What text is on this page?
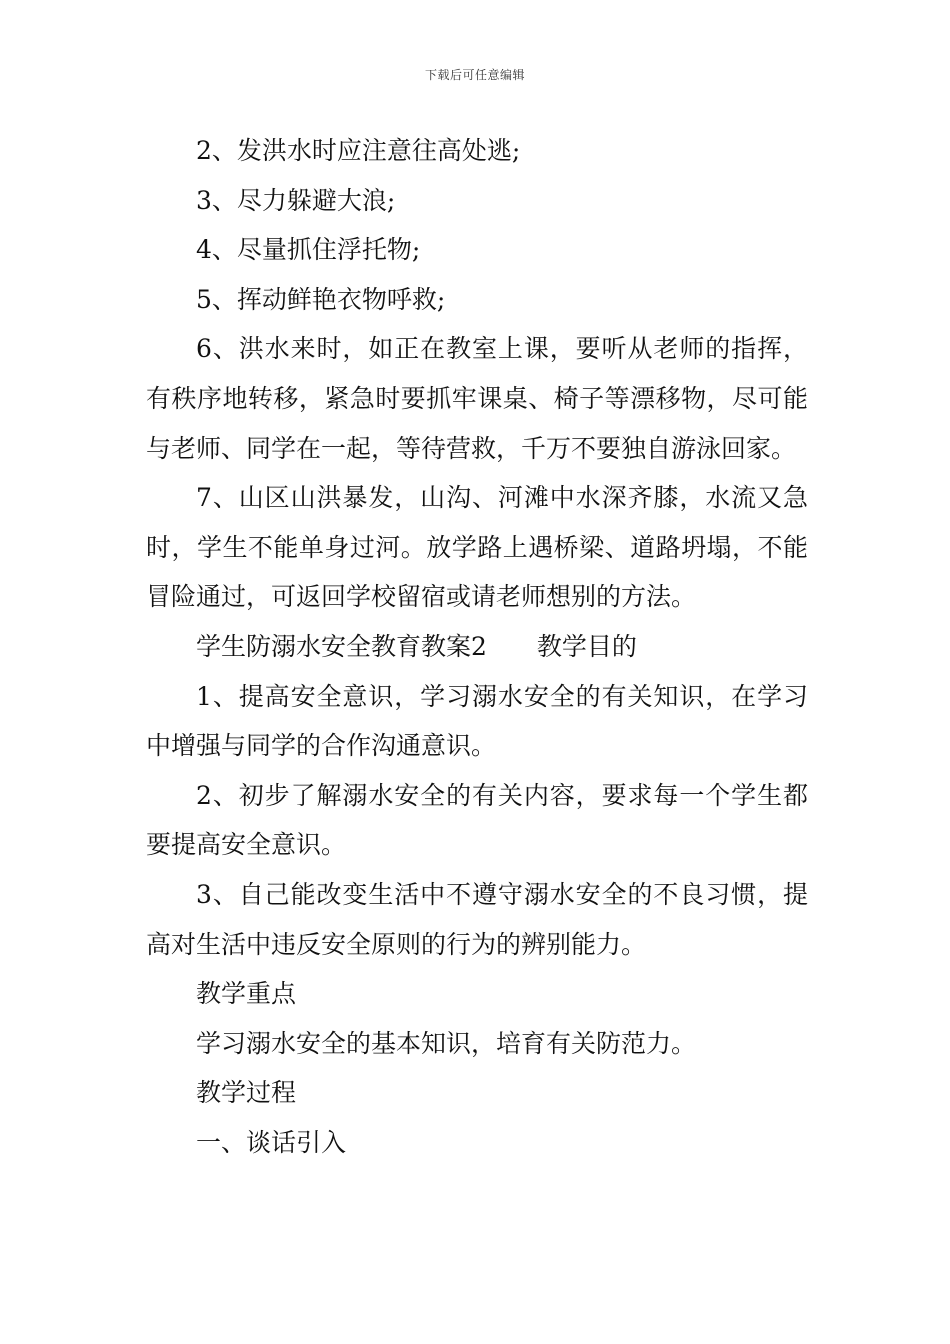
下载后可任意编辑

2、发洪水时应注意往高处逃;

3、尽力躲避大浪;

4、尽量抓住浮托物;

5、挥动鲜艳衣物呼救;

6、洪水来时，如正在教室上课，要听从老师的指挥，有秩序地转移，紧急时要抓牢课桌、椅子等漂移物，尽可能与老师、同学在一起，等待营救，千万不要独自游泳回家。

7、山区山洪暴发，山沟、河滩中水深齐膝，水流又急时，学生不能单身过河。放学路上遇桥梁、道路坍塌，不能冒险通过，可返回学校留宿或请老师想别的方法。

学生防溺水安全教育教案2　　教学目的

1、提高安全意识，学习溺水安全的有关知识，在学习中增强与同学的合作沟通意识。

2、初步了解溺水安全的有关内容，要求每一个学生都要提高安全意识。

3、自己能改变生活中不遵守溺水安全的不良习惯，提高对生活中违反安全原则的行为的辨别能力。

教学重点

学习溺水安全的基本知识，培育有关防范力。

教学过程

一、谈话引入
